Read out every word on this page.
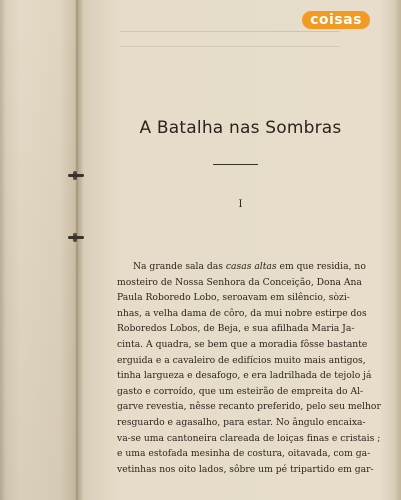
coisas
A Batalha nas Sombras
I
Na grande sala das casas altas em que residia, no
mosteiro de Nossa Senhora da Conceição, Dona Ana
Paula Roboredo Lobo, seroavam em silêncio, sòzi-
nhas, a velha dama de côro, da mui nobre estirpe dos
Roboredos Lobos, de Beja, e sua afilhada Maria Ja-
cinta. A quadra, se bem que a moradia fôsse bastante
erguida e a cavaleiro de edifícios muito mais antigos,
tinha largueza e desafogo, e era ladrilhada de tejolo já
gasto e corroído, que um esteirão de empreita do Al-
garve revestia, nêsse recanto preferido, pelo seu melhor
resguardo e agasalho, para estar. No ângulo encaixa-
va-se uma cantoneira clareada de loiças finas e cristais ;
e uma estofada mesinha de costura, oitavada, com ga-
vetinhas nos oito lados, sôbre um pé tripartido em gar-
